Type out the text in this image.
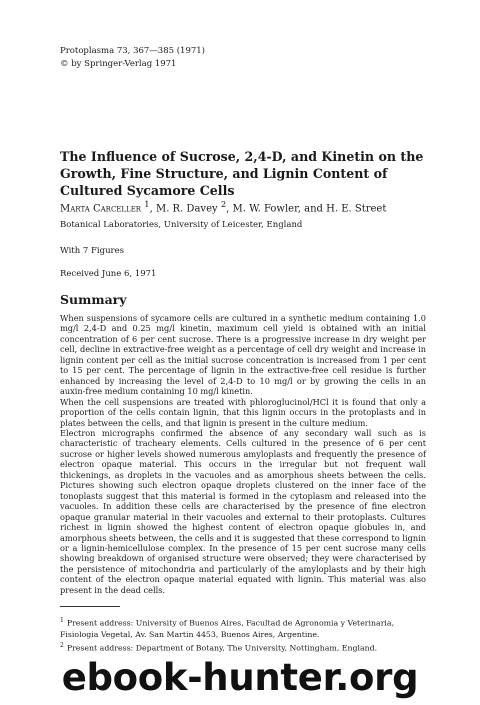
Protoplasma 73, 367—385 (1971)
© by Springer-Verlag 1971
The Influence of Sucrose, 2,4-D, and Kinetin on the Growth, Fine Structure, and Lignin Content of Cultured Sycamore Cells
Marta Carceller $^1$, M. R. Davey $^2$, M. W. Fowler, and H. E. Street
Botanical Laboratories, University of Leicester, England
With 7 Figures
Received June 6, 1971
Summary

When suspensions of sycamore cells are cultured in a synthetic medium containing 1.0 mg/l 2,4-D and 0.25 mg/l kinetin, maximum cell yield is obtained with an initial concentration of 6 per cent sucrose. There is a progressive increase in dry weight per cell, decline in extractive-free weight as a percentage of cell dry weight and increase in lignin content per cell as the initial sucrose concentration is increased from 1 per cent to 15 per cent. The percentage of lignin in the extractive-free cell residue is further enhanced by increasing the level of 2,4-D to 10 mg/l or by growing the cells in an auxin-free medium containing 10 mg/l kinetin.

When the cell suspensions are treated with phloroglucinol/HCl it is found that only a proportion of the cells contain lignin, that this lignin occurs in the protoplasts and in plates between the cells, and that lignin is present in the culture medium.

Electron micrographs confirmed the absence of any secondary wall such as is characteristic of tracheary elements. Cells cultured in the presence of 6 per cent sucrose or higher levels showed numerous amyloplasts and frequently the presence of electron opaque material. This occurs in the irregular but not frequent wall thickenings, as droplets in the vacuoles and as amorphous sheets between the cells. Pictures showing such electron opaque droplets clustered on the inner face of the tonoplasts suggest that this material is formed in the cytoplasm and released into the vacuoles. In addition these cells are characterised by the presence of fine electron opaque granular material in their vacuoles and external to their protoplasts. Cultures richest in lignin showed the highest content of electron opaque globules in, and amorphous sheets between, the cells and it is suggested that these correspond to lignin or a lignin-hemicellulose complex. In the presence of 15 per cent sucrose many cells showing breakdown of organised structure were observed; they were characterised by the persistence of mitochondria and particularly of the amyloplasts and by their high content of the electron opaque material equated with lignin. This material was also present in the dead cells.

$^1$ Present address: University of Buenos Aires, Facultad de Agronomia y Veterinaria, Fisiologia Vegetal, Av. San Martin 4453, Buenos Aires, Argentine.

$^2$ Present address: Department of Botany, The University, Nottingham, England.

ebook-hunter.org
